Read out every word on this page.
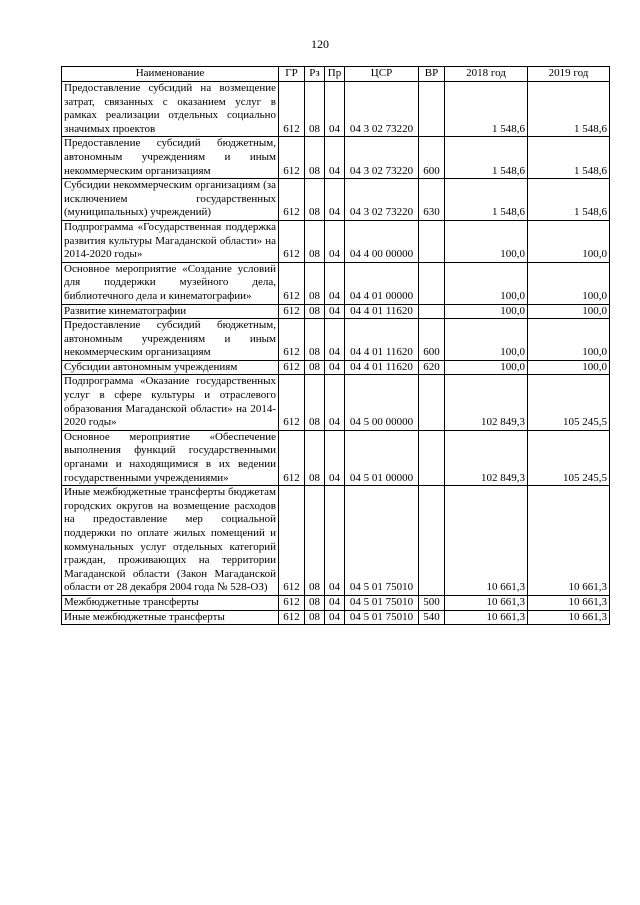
120
Наименование	ГР	Рз	Пр	ЦСР	ВР	2018 год	2019 год
Предоставление субсидий на возмещение затрат, связанных с оказанием услуг в рамках реализации отдельных социально значимых проектов	612	08	04	04 3 02 73220		1 548,6	1 548,6
Предоставление субсидий бюджетным, автономным учреждениям и иным некоммерческим организациям	612	08	04	04 3 02 73220	600	1 548,6	1 548,6
Субсидии некоммерческим организациям (за исключением государственных (муниципальных) учреждений)	612	08	04	04 3 02 73220	630	1 548,6	1 548,6
Подпрограмма «Государственная поддержка развития культуры Магаданской области» на 2014-2020 годы»	612	08	04	04 4 00 00000		100,0	100,0
Основное мероприятие «Создание условий для поддержки музейного дела, библиотечного дела и кинематографии»	612	08	04	04 4 01 00000		100,0	100,0
Развитие кинематографии	612	08	04	04 4 01 11620		100,0	100,0
Предоставление субсидий бюджетным, автономным учреждениям и иным некоммерческим организациям	612	08	04	04 4 01 11620	600	100,0	100,0
Субсидии автономным учреждениям	612	08	04	04 4 01 11620	620	100,0	100,0
Подпрограмма «Оказание государственных услуг в сфере культуры и отраслевого образования Магаданской области» на 2014-2020 годы»	612	08	04	04 5 00 00000		102 849,3	105 245,5
Основное мероприятие «Обеспечение выполнения функций государственными органами и находящимися в их ведении государственными учреждениями»	612	08	04	04 5 01 00000		102 849,3	105 245,5
Иные межбюджетные трансферты бюджетам городских округов на возмещение расходов на предоставление мер социальной поддержки по оплате жилых помещений и коммунальных услуг отдельных категорий граждан, проживающих на территории Магаданской области (Закон Магаданской области от 28 декабря 2004 года № 528-ОЗ)	612	08	04	04 5 01 75010		10 661,3	10 661,3
Межбюджетные трансферты	612	08	04	04 5 01 75010	500	10 661,3	10 661,3
Иные межбюджетные трансферты	612	08	04	04 5 01 75010	540	10 661,3	10 661,3
